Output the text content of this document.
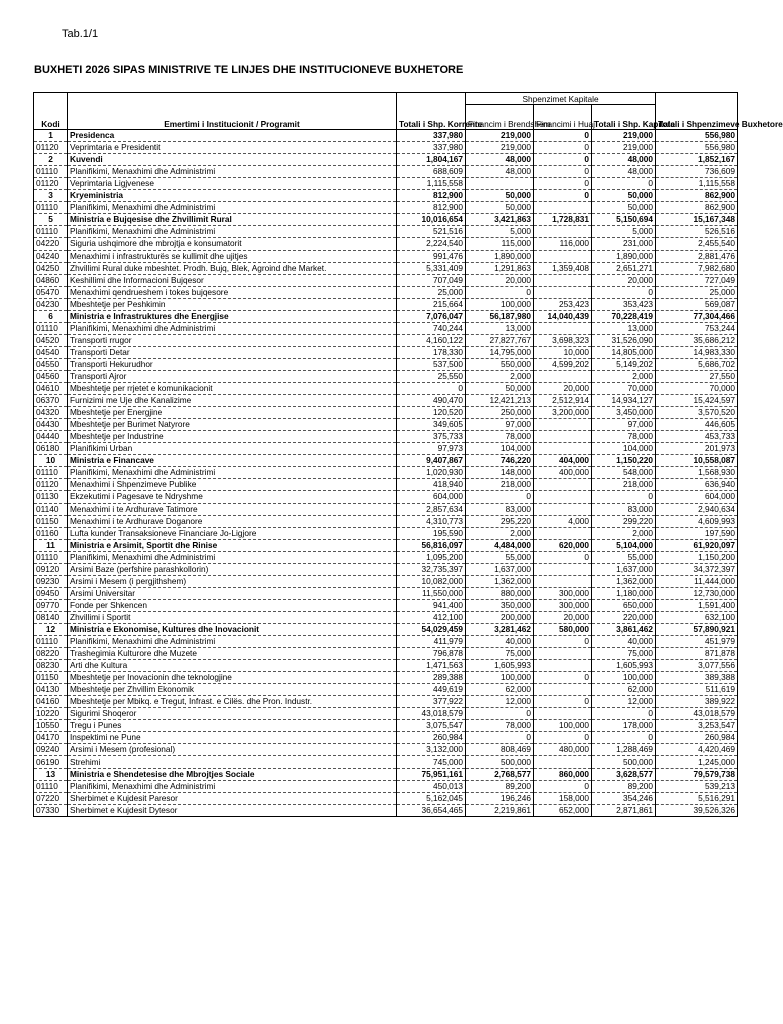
Tab.1/1
BUXHETI 2026 SIPAS MINISTRIVE TE LINJES DHE INSTITUCIONEVE BUXHETORE
Kodi	Emertimi i Institucionit / Programit	Totali i Shp. Korrente	Shpenzimet Kapitale			Totali i Shpenzimeve Buxhetore
			Financim i Brendshem	Financimi i Huaj	Totali i Shp. Kapitale	
1	Presidenca	337,980	219,000	0	219,000	556,980
01120	Veprimtaria e Presidentit	337,980	219,000	0	219,000	556,980
2	Kuvendi	1,804,167	48,000	0	48,000	1,852,167
01110	Planifikimi, Menaxhimi dhe Administrimi	688,609	48,000	0	48,000	736,609
01120	Veprimtaria Ligjvenese	1,115,558		0	0	1,115,558
3	Kryeministria	812,900	50,000	0	50,000	862,900
01110	Planifikimi, Menaxhimi dhe Administrimi	812,900	50,000		50,000	862,900
5	Ministria e Bujqesise dhe Zhvillimit Rural	10,016,654	3,421,863	1,728,831	5,150,694	15,167,348
01110	Planifikimi, Menaxhimi dhe Administrimi	521,516	5,000		5,000	526,516
04220	Siguria ushqimore dhe mbrojtja e konsumatorit	2,224,540	115,000	116,000	231,000	2,455,540
04240	Menaxhimi i infrastrukturës se kullimit dhe ujitjes	991,476	1,890,000		1,890,000	2,881,476
04250	Zhvillimi Rural duke mbeshtet. Prodh. Bujq, Blek, Agroind dhe Market.	5,331,409	1,291,863	1,359,408	2,651,271	7,982,680
04860	Keshillimi dhe Informacioni Bujqesor	707,049	20,000		20,000	727,049
05470	Menaxhimi qendrueshem i tokes bujqesore	25,000	0		0	25,000
04230	Mbeshtetje per Peshkimin	215,664	100,000	253,423	353,423	569,087
6	Ministria e Infrastruktures dhe Energjise	7,076,047	56,187,980	14,040,439	70,228,419	77,304,466
01110	Planifikimi, Menaxhimi dhe Administrimi	740,244	13,000		13,000	753,244
04520	Transporti rrugor	4,160,122	27,827,767	3,698,323	31,526,090	35,686,212
04540	Transporti Detar	178,330	14,795,000	10,000	14,805,000	14,983,330
04550	Transporti Hekurudhor	537,500	550,000	4,599,202	5,149,202	5,686,702
04560	Transporti Ajror	25,550	2,000		2,000	27,550
04610	Mbeshtetje per rrjetet e komunikacionit	0	50,000	20,000	70,000	70,000
06370	Furnizimi me Uje dhe Kanalizime	490,470	12,421,213	2,512,914	14,934,127	15,424,597
04320	Mbeshtetje per Energjine	120,520	250,000	3,200,000	3,450,000	3,570,520
04430	Mbeshtetje per Burimet Natyrore	349,605	97,000		97,000	446,605
04440	Mbeshtetje per Industrine	375,733	78,000		78,000	453,733
06180	Planifikimi Urban	97,973	104,000		104,000	201,973
10	Ministria e Financave	9,407,867	746,220	404,000	1,150,220	10,558,087
01110	Planifikimi, Menaxhimi dhe Administrimi	1,020,930	148,000	400,000	548,000	1,568,930
01120	Menaxhimi i Shpenzimeve Publike	418,940	218,000		218,000	636,940
01130	Ekzekutimi i Pagesave te Ndryshme	604,000	0		0	604,000
01140	Menaxhimi i te Ardhurave Tatimore	2,857,634	83,000		83,000	2,940,634
01150	Menaxhimi i te Ardhurave Doganore	4,310,773	295,220	4,000	299,220	4,609,993
01160	Lufta kunder Transaksioneve Financiare Jo-Ligjore	195,590	2,000		2,000	197,590
11	Ministria e Arsimit, Sportit dhe Rinise	56,816,097	4,484,000	620,000	5,104,000	61,920,097
01110	Planifikimi, Menaxhimi dhe Administrimi	1,095,200	55,000	0	55,000	1,150,200
09120	Arsimi Baze (perfshire parashkollorin)	32,735,397	1,637,000		1,637,000	34,372,397
09230	Arsimi i Mesem (i pergjithshem)	10,082,000	1,362,000		1,362,000	11,444,000
09450	Arsimi Universitar	11,550,000	880,000	300,000	1,180,000	12,730,000
09770	Fonde per Shkencen	941,400	350,000	300,000	650,000	1,591,400
08140	Zhvillimi i Sportit	412,100	200,000	20,000	220,000	632,100
12	Ministria e Ekonomise, Kultures dhe Inovacionit	54,029,459	3,281,462	580,000	3,861,462	57,890,921
01110	Planifikimi, Menaxhimi dhe Administrimi	411,979	40,000	0	40,000	451,979
08220	Trashegimia Kulturore dhe Muzete	796,878	75,000		75,000	871,878
08230	Arti dhe Kultura	1,471,563	1,605,993		1,605,993	3,077,556
01150	Mbeshtetje per Inovacionin dhe teknologjine	289,388	100,000	0	100,000	389,388
04130	Mbeshtetje per Zhvillim Ekonomik	449,619	62,000		62,000	511,619
04160	Mbeshtetje per Mbikq. e Tregut, Infrast. e Cilës. dhe Pron. Industr.	377,922	12,000	0	12,000	389,922
10220	Sigurimi Shoqeror	43,018,579	0		0	43,018,579
10550	Tregu i Punes	3,075,547	78,000	100,000	178,000	3,253,547
04170	Inspektimi ne Pune	260,984	0	0	0	260,984
09240	Arsimi i Mesem (profesional)	3,132,000	808,469	480,000	1,288,469	4,420,469
06190	Strehimi	745,000	500,000		500,000	1,245,000
13	Ministria e Shendetesise dhe Mbrojtjes Sociale	75,951,161	2,768,577	860,000	3,628,577	79,579,738
01110	Planifikimi, Menaxhimi dhe Administrimi	450,013	89,200	0	89,200	539,213
07220	Sherbimet e Kujdesit Paresor	5,162,045	196,246	158,000	354,246	5,516,291
07330	Sherbimet e Kujdesit Dytesor	36,654,465	2,219,861	652,000	2,871,861	39,526,326
